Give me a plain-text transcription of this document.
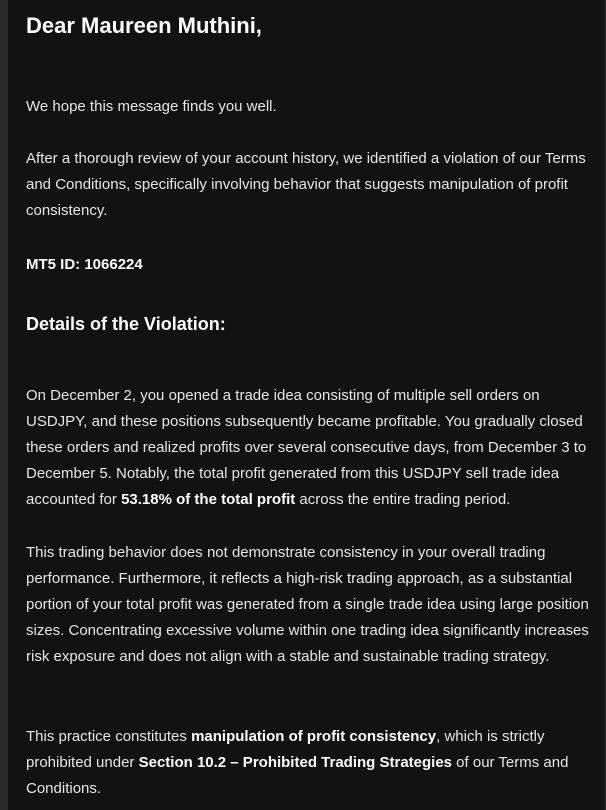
Dear Maureen Muthini,

We hope this message finds you well.

After a thorough review of your account history, we identified a violation of our Terms and Conditions, specifically involving behavior that suggests manipulation of profit consistency.

MT5 ID: 1066224

Details of the Violation:

On December 2, you opened a trade idea consisting of multiple sell orders on USDJPY, and these positions subsequently became profitable. You gradually closed these orders and realized profits over several consecutive days, from December 3 to December 5. Notably, the total profit generated from this USDJPY sell trade idea accounted for 53.18% of the total profit across the entire trading period.

This trading behavior does not demonstrate consistency in your overall trading performance. Furthermore, it reflects a high-risk trading approach, as a substantial portion of your total profit was generated from a single trade idea using large position sizes. Concentrating excessive volume within one trading idea significantly increases risk exposure and does not align with a stable and sustainable trading strategy.

This practice constitutes manipulation of profit consistency, which is strictly prohibited under Section 10.2 – Prohibited Trading Strategies of our Terms and Conditions.
